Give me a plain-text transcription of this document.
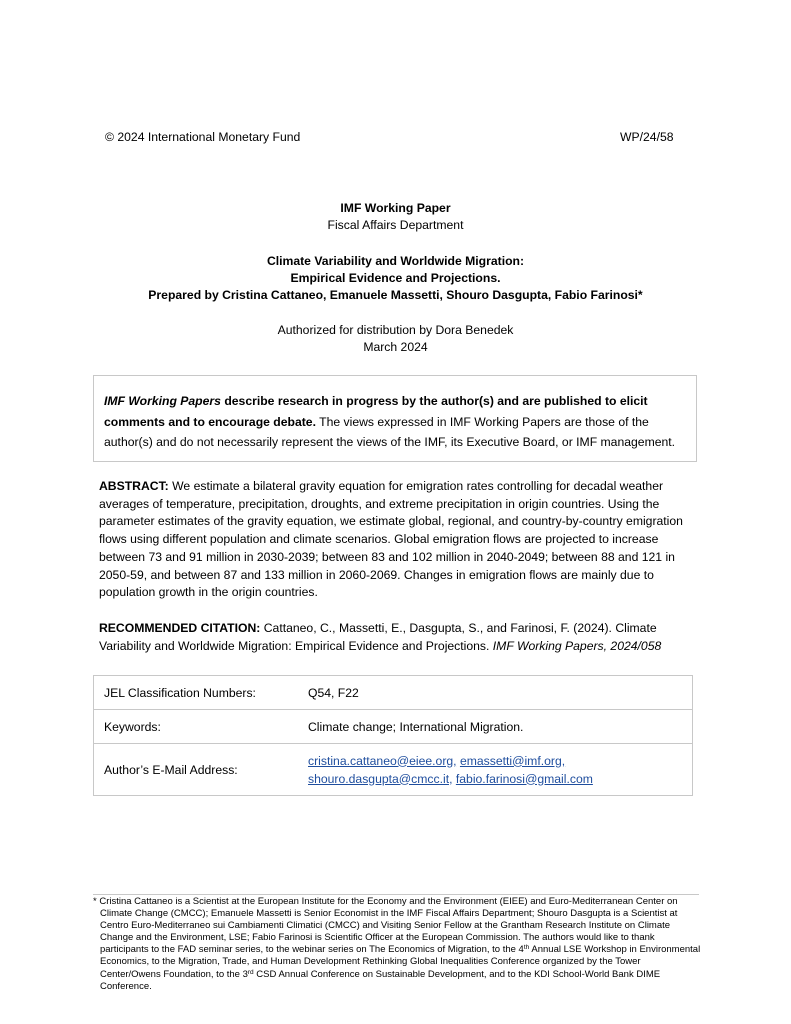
© 2024 International Monetary Fund	WP/24/58
IMF Working Paper
Fiscal Affairs Department
Climate Variability and Worldwide Migration:
Empirical Evidence and Projections.
Prepared by Cristina Cattaneo, Emanuele Massetti, Shouro Dasgupta, Fabio Farinosi*
Authorized for distribution by Dora Benedek
March 2024
IMF Working Papers describe research in progress by the author(s) and are published to elicit comments and to encourage debate. The views expressed in IMF Working Papers are those of the author(s) and do not necessarily represent the views of the IMF, its Executive Board, or IMF management.
ABSTRACT: We estimate a bilateral gravity equation for emigration rates controlling for decadal weather averages of temperature, precipitation, droughts, and extreme precipitation in origin countries. Using the parameter estimates of the gravity equation, we estimate global, regional, and country-by-country emigration flows using different population and climate scenarios. Global emigration flows are projected to increase between 73 and 91 million in 2030-2039; between 83 and 102 million in 2040-2049; between 88 and 121 in 2050-59, and between 87 and 133 million in 2060-2069. Changes in emigration flows are mainly due to population growth in the origin countries.
RECOMMENDED CITATION: Cattaneo, C., Massetti, E., Dasgupta, S., and Farinosi, F. (2024). Climate Variability and Worldwide Migration: Empirical Evidence and Projections. IMF Working Papers, 2024/058
JEL Classification Numbers:	Q54, F22
Keywords:	Climate change; International Migration.
Author’s E-Mail Address:	cristina.cattaneo@eiee.org, emassetti@imf.org,
shouro.dasgupta@cmcc.it, fabio.farinosi@gmail.com
* Cristina Cattaneo is a Scientist at the European Institute for the Economy and the Environment (EIEE) and Euro-Mediterranean Center on Climate Change (CMCC); Emanuele Massetti is Senior Economist in the IMF Fiscal Affairs Department; Shouro Dasgupta is a Scientist at Centro Euro-Mediterraneo sui Cambiamenti Climatici (CMCC) and Visiting Senior Fellow at the Grantham Research Institute on Climate Change and the Environment, LSE; Fabio Farinosi is Scientific Officer at the European Commission. The authors would like to thank participants to the FAD seminar series, to the webinar series on The Economics of Migration, to the 4th Annual LSE Workshop in Environmental Economics, to the Migration, Trade, and Human Development Rethinking Global Inequalities Conference organized by the Tower Center/Owens Foundation, to the 3rd CSD Annual Conference on Sustainable Development, and to the KDI School-World Bank DIME Conference.
